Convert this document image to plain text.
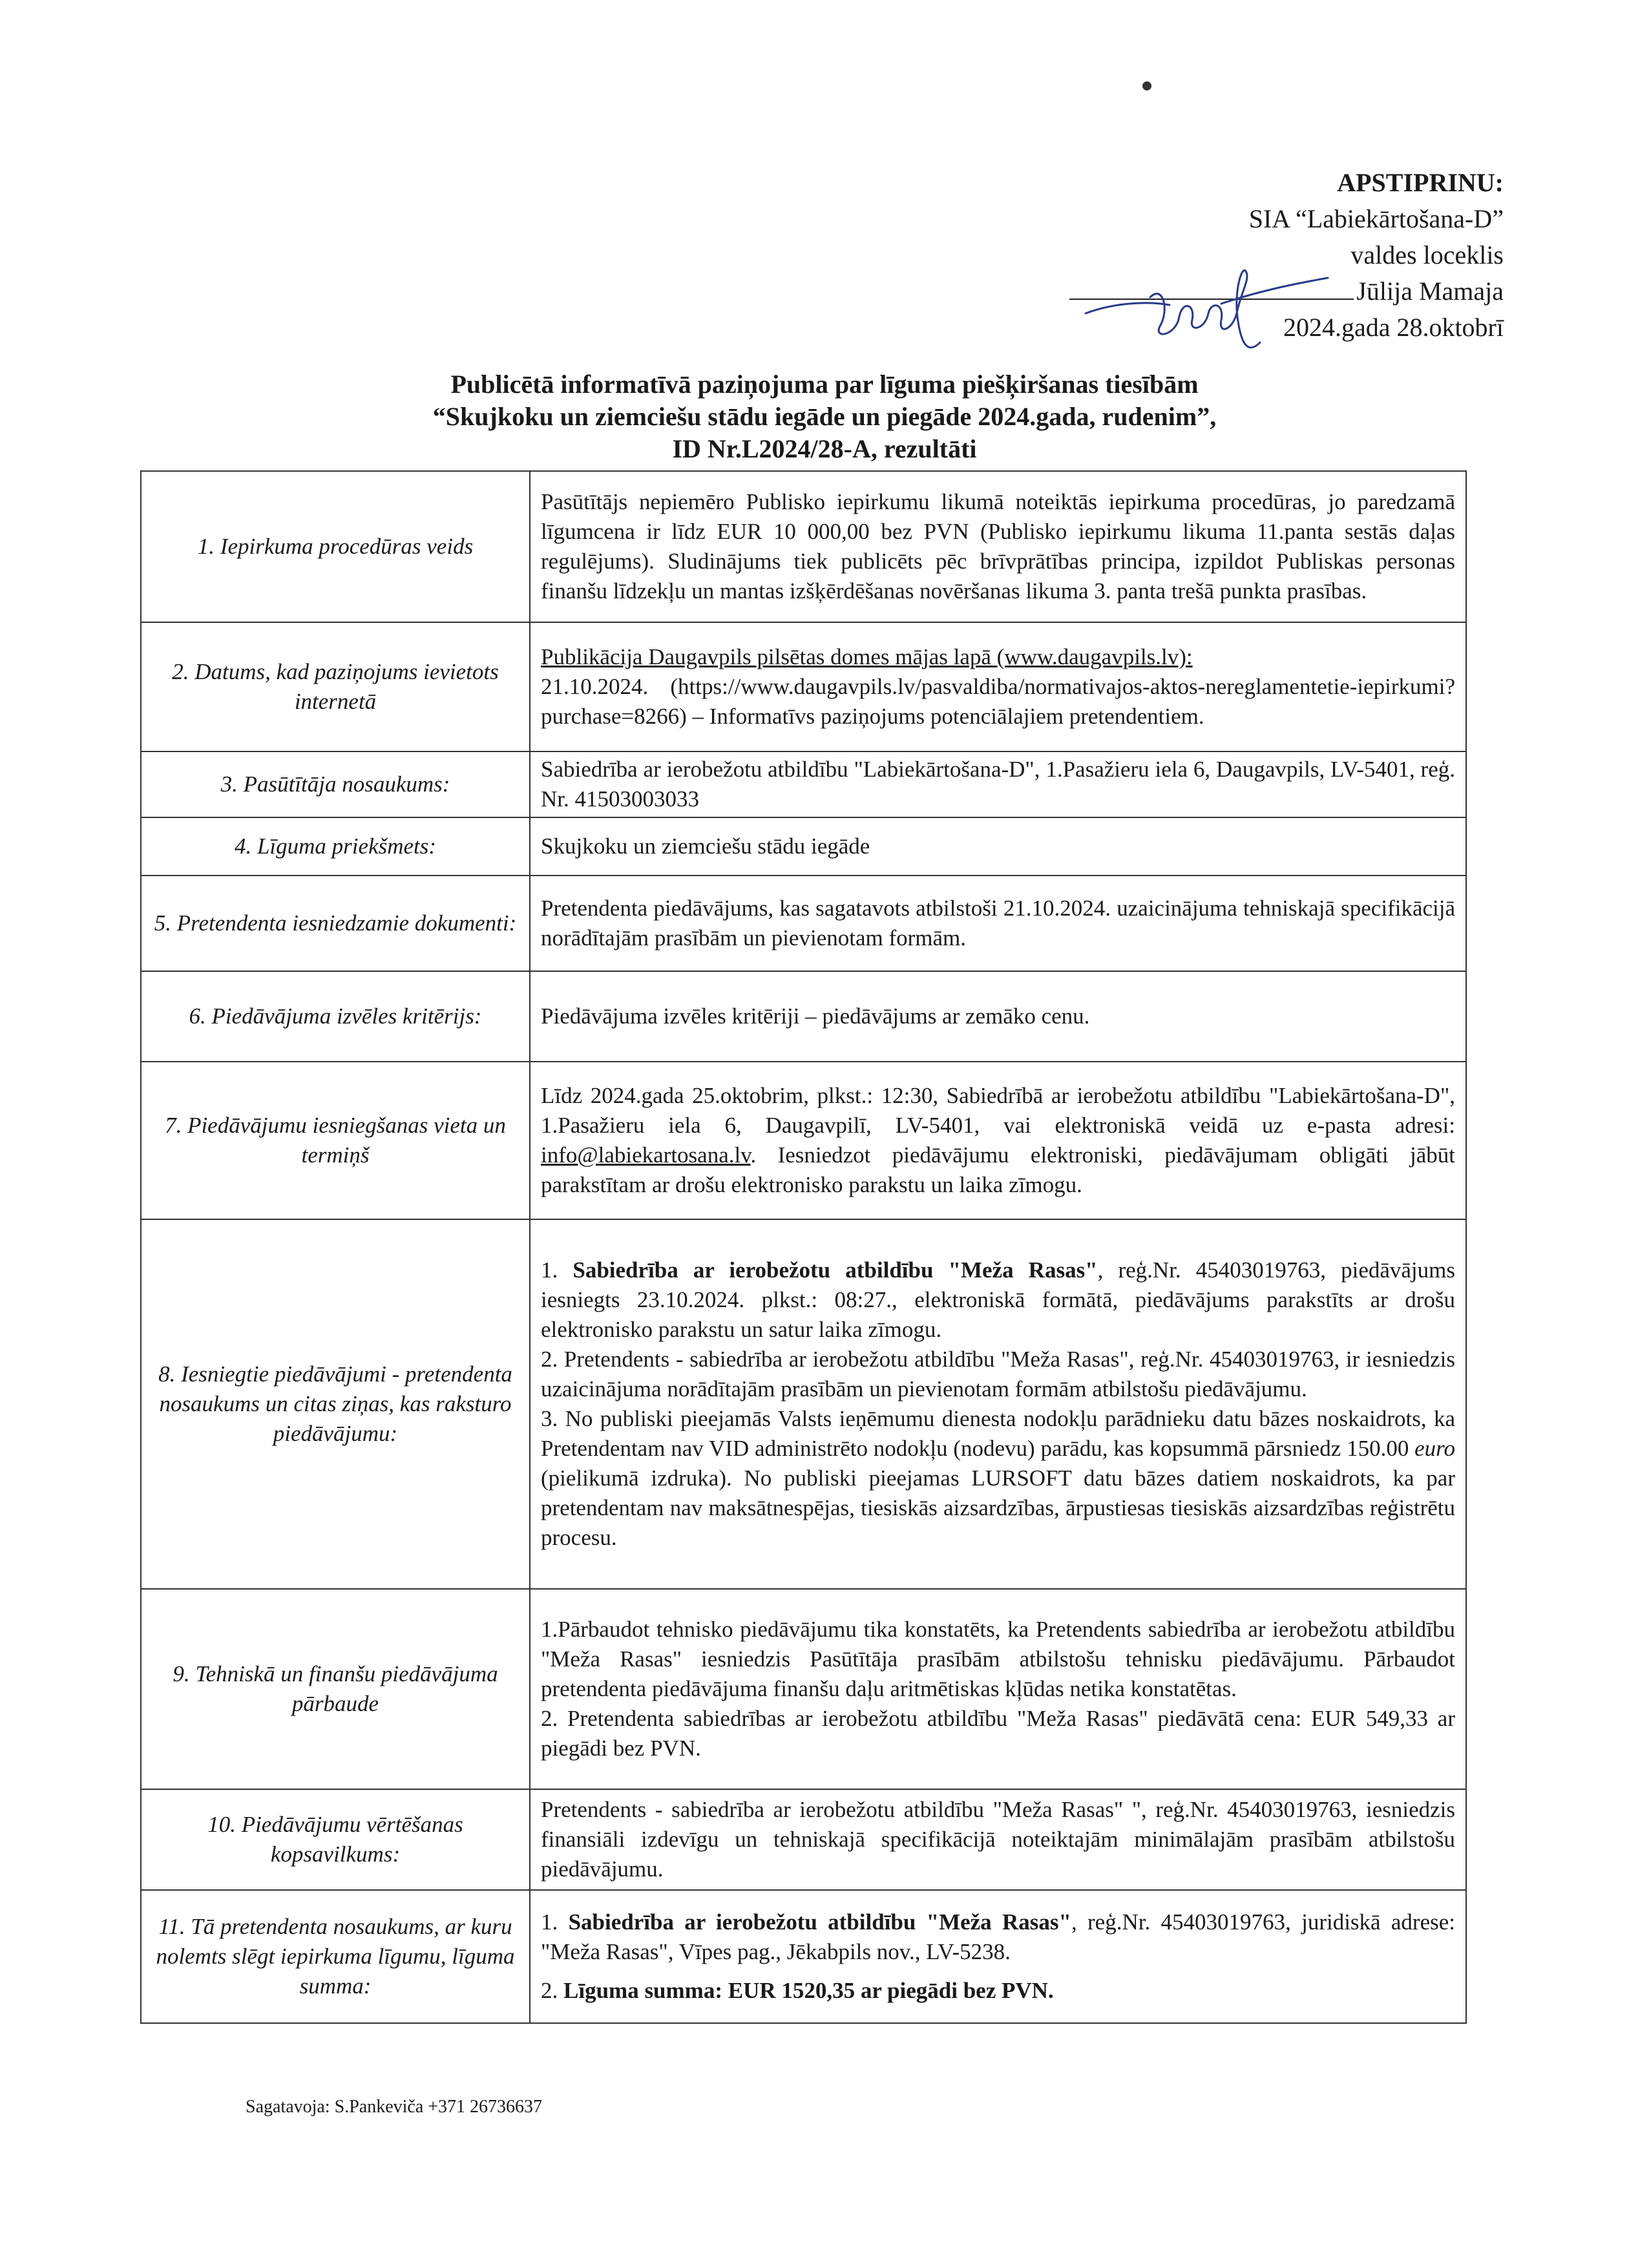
APSTIPRINU:
SIA “Labiekārtošana-D”
valdes loceklis
Jūlija Mamaja
2024.gada 28.oktobrī
Publicētā informatīvā paziņojuma par līguma piešķiršanas tiesībām
“Skujkoku un ziemciešu stādu iegāde un piegāde 2024.gada, rudenim”,
ID Nr.L2024/28-A, rezultāti
1. Iepirkuma procedūras veids	Pasūtītājs nepiemēro Publisko iepirkumu likumā noteiktās iepirkuma procedūras, jo paredzamā līgumcena ir līdz EUR 10 000,00 bez PVN (Publisko iepirkumu likuma 11.panta sestās daļas regulējums). Sludinājums tiek publicēts pēc brīvprātības principa, izpildot Publiskas personas finanšu līdzekļu un mantas izšķērdēšanas novēršanas likuma 3. panta trešā punkta prasības.
2. Datums, kad paziņojums ievietots internetā	Publikācija Daugavpils pilsētas domes mājas lapā (www.daugavpils.lv):
21.10.2024. (https://www.daugavpils.lv/pasvaldiba/normativajos-aktos-nereglamentetie-iepirkumi?purchase=8266) – Informatīvs paziņojums potenciālajiem pretendentiem.
3. Pasūtītāja nosaukums:	Sabiedrība ar ierobežotu atbildību "Labiekārtošana-D", 1.Pasažieru iela 6, Daugavpils, LV-5401, reģ. Nr. 41503003033
4. Līguma priekšmets:	Skujkoku un ziemciešu stādu iegāde
5. Pretendenta iesniedzamie dokumenti:	Pretendenta piedāvājums, kas sagatavots atbilstoši 21.10.2024. uzaicinājuma tehniskajā specifikācijā norādītajām prasībām un pievienotam formām.
6. Piedāvājuma izvēles kritērijs:	Piedāvājuma izvēles kritēriji – piedāvājums ar zemāko cenu.
7. Piedāvājumu iesniegšanas vieta un termiņš	Līdz 2024.gada 25.oktobrim, plkst.: 12:30, Sabiedrībā ar ierobežotu atbildību "Labiekārtošana-D", 1.Pasažieru iela 6, Daugavpilī, LV-5401, vai elektroniskā veidā uz e-pasta adresi: info@labiekartosana.lv. Iesniedzot piedāvājumu elektroniski, piedāvājumam obligāti jābūt parakstītam ar drošu elektronisko parakstu un laika zīmogu.
8. Iesniegtie piedāvājumi - pretendenta nosaukums un citas ziņas, kas raksturo piedāvājumu:	1. Sabiedrība ar ierobežotu atbildību "Meža Rasas", reģ.Nr. 45403019763, piedāvājums iesniegts 23.10.2024. plkst.: 08:27., elektroniskā formātā, piedāvājums parakstīts ar drošu elektronisko parakstu un satur laika zīmogu.
2. Pretendents - sabiedrība ar ierobežotu atbildību "Meža Rasas", reģ.Nr. 45403019763, ir iesniedzis uzaicinājuma norādītajām prasībām un pievienotam formām atbilstošu piedāvājumu.
3. No publiski pieejamās Valsts ieņēmumu dienesta nodokļu parādnieku datu bāzes noskaidrots, ka Pretendentam nav VID administrēto nodokļu (nodevu) parādu, kas kopsummā pārsniedz 150.00 euro (pielikumā izdruka). No publiski pieejamas LURSOFT datu bāzes datiem noskaidrots, ka par pretendentam nav maksātnespējas, tiesiskās aizsardzības, ārpustiesas tiesiskās aizsardzības reģistrētu procesu.

9. Tehniskā un finanšu piedāvājuma pārbaude	1.Pārbaudot tehnisko piedāvājumu tika konstatēts, ka Pretendents sabiedrība ar ierobežotu atbildību "Meža Rasas" iesniedzis Pasūtītāja prasībām atbilstošu tehnisku piedāvājumu. Pārbaudot pretendenta piedāvājuma finanšu daļu aritmētiskas kļūdas netika konstatētas.
2. Pretendenta sabiedrības ar ierobežotu atbildību "Meža Rasas" piedāvātā cena: EUR 549,33 ar piegādi bez PVN.

10. Piedāvājumu vērtēšanas kopsavilkums:	Pretendents - sabiedrība ar ierobežotu atbildību "Meža Rasas" ", reģ.Nr. 45403019763, iesniedzis finansiāli izdevīgu un tehniskajā specifikācijā noteiktajām minimālajām prasībām atbilstošu piedāvājumu.
11. Tā pretendenta nosaukums, ar kuru nolemts slēgt iepirkuma līgumu, līguma summa:	1. Sabiedrība ar ierobežotu atbildību "Meža Rasas", reģ.Nr. 45403019763, juridiskā adrese: "Meža Rasas", Vīpes pag., Jēkabpils nov., LV-5238.
2. Līguma summa: EUR 1520,35 ar piegādi bez PVN.
Sagatavoja: S.Pankeviča +371 26736637
